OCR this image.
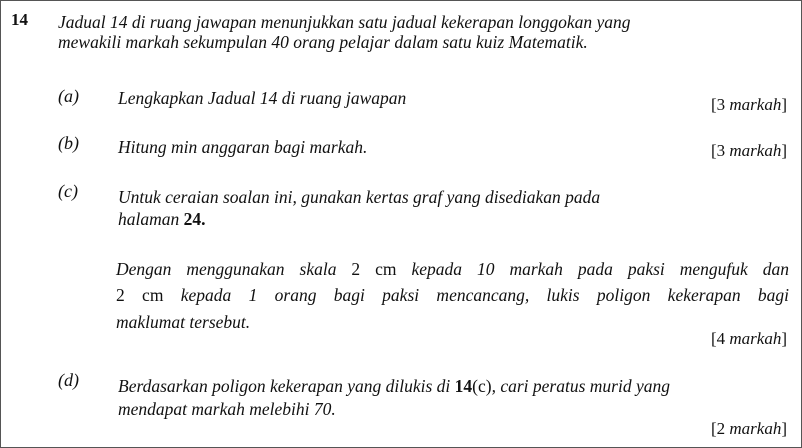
14 Jadual 14 di ruang jawapan menunjukkan satu jadual kekerapan longgokan yang
mewakili markah sekumpulan 40 orang pelajar dalam satu kuiz Matematik.
(a) Lengkapkan Jadual 14 di ruang jawapan	[3 markah]
(b) Hitung min anggaran bagi markah.	[3 markah]
(c) Untuk ceraian soalan ini, gunakan kertas graf yang disediakan pada
halaman 24.
Dengan menggunakan skala 2 cm kepada 10 markah pada paksi mengufuk dan
2 cm kepada 1 orang bagi paksi mencancang, lukis poligon kekerapan bagi
maklumat tersebut.
[4 markah]
(d) Berdasarkan poligon kekerapan yang dilukis di 14(c), cari peratus murid yang
mendapat markah melebihi 70.
[2 markah]
